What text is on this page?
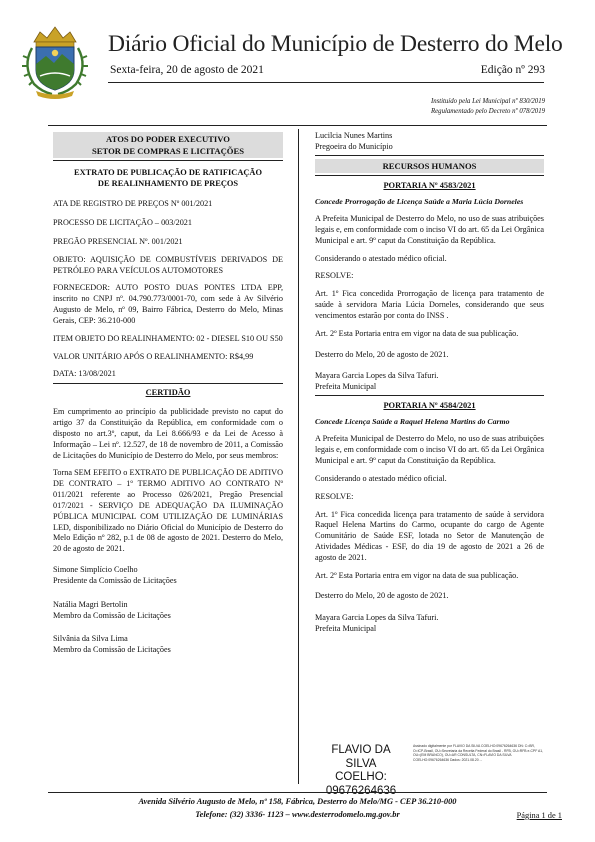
Diário Oficial do Município de Desterro do Melo
Sexta-feira, 20 de agosto de 2021	Edição nº 293
Instituído pela Lei Municipal nº 830/2019
Regulamentado pelo Decreto nº 078/2019
ATOS DO PODER EXECUTIVO
SETOR DE COMPRAS E LICITAÇÕES
EXTRATO DE PUBLICAÇÃO DE RATIFICAÇÃO
DE REALINHAMENTO DE PREÇOS

ATA DE REGISTRO DE PREÇOS Nº 001/2021

PROCESSO DE LICITAÇÃO – 003/2021

PREGÃO PRESENCIAL Nº. 001/2021

OBJETO: AQUISIÇÃO DE COMBUSTÍVEIS DERIVADOS DE PETRÓLEO PARA VEÍCULOS AUTOMOTORES

FORNECEDOR: AUTO POSTO DUAS PONTES LTDA EPP, inscrito no CNPJ nº. 04.790.773/0001-70, com sede à Av Silvério Augusto de Melo, nº 09, Bairro Fábrica, Desterro do Melo, Minas Gerais, CEP: 36.210-000

ITEM OBJETO DO REALINHAMENTO: 02 - DIESEL S10 OU S50

VALOR UNITÁRIO APÓS O REALINHAMENTO: R$4,99

DATA: 13/08/2021

CERTIDÃO

Em cumprimento ao princípio da publicidade previsto no caput do artigo 37 da Constituição da República, em conformidade com o disposto no art.3º, caput, da Lei 8.666/93 e da Lei de Acesso à Informação – Lei nº. 12.527, de 18 de novembro de 2011, a Comissão de Licitações do Município de Desterro do Melo, por seus membros:

Torna SEM EFEITO o EXTRATO DE PUBLICAÇÃO DE ADITIVO DE CONTRATO – 1º TERMO ADITIVO AO CONTRATO Nº 011/2021 referente ao Processo 026/2021, Pregão Presencial 017/2021 - SERVIÇO DE ADEQUAÇÃO DA ILUMINAÇÃO PÚBLICA MUNICIPAL COM UTILIZAÇÃO DE LUMINÁRIAS LED, disponibilizado no Diário Oficial do Município de Desterro do Melo Edição nº 282, p.1 de 08 de agosto de 2021. Desterro do Melo, 20 de agosto de 2021.

Simone Simplício Coelho

Presidente da Comissão de Licitações

Natália Magri Bertolin

Membro da Comissão de Licitações

Silvânia da Silva Lima

Membro da Comissão de Licitações

Lucilcia Nunes Martins

Pregoeira do Município

RECURSOS HUMANOS
PORTARIA Nº 4583/2021

Concede Prorrogação de Licença Saúde a Maria Lúcia Dorneles

A Prefeita Municipal de Desterro do Melo, no uso de suas atribuições legais e, em conformidade com o inciso VI do art. 65 da Lei Orgânica Municipal e art. 9º caput da Constituição da República.

Considerando o atestado médico oficial.

RESOLVE:

Art. 1º Fica concedida Prorrogação de licença para tratamento de saúde à servidora Maria Lúcia Dorneles, considerando que seus vencimentos estarão por conta do INSS .

Art. 2º Esta Portaria entra em vigor na data de sua publicação.

Desterro do Melo, 20 de agosto de 2021.

Mayara Garcia Lopes da Silva Tafuri.

Prefeita Municipal

PORTARIA Nº 4584/2021

Concede Licença Saúde a Raquel Helena Martins do Carmo

A Prefeita Municipal de Desterro do Melo, no uso de suas atribuições legais e, em conformidade com o inciso VI do art. 65 da Lei Orgânica Municipal e art. 9º caput da Constituição da República.

Considerando o atestado médico oficial.

RESOLVE:

Art. 1º Fica concedida licença para tratamento de saúde à servidora Raquel Helena Martins do Carmo, ocupante do cargo de Agente Comunitário de Saúde ESF, lotada no Setor de Manutenção de Atividades Médicas - ESF, do dia 19 de agosto de 2021 a 26 de agosto de 2021.

Art. 2º Esta Portaria entra em vigor na data de sua publicação.

Desterro do Melo, 20 de agosto de 2021.

Mayara Garcia Lopes da Silva Tafuri.

Prefeita Municipal

FLAVIO DA SILVA
COELHO:
09676264636
Assinado digitalmente por FLAVIO DA SILVA COELHO:09676264636 DN: C=BR, O=ICP-Brasil, OU=Secretaria da Receita Federal do Brasil - RFB, OU=RFB e-CPF A1, OU=(EM BRANCO), OU=AR CONSULTA, CN=FLAVIO DA SILVA COELHO:09676264636 Dados: 2021.08.20 ...
Avenida Silvério Augusto de Melo, nº 158, Fábrica, Desterro do Melo/MG - CEP 36.210-000
Telefone: (32) 3336- 1123 – www.desterrodomelo.mg.gov.br	Página 1 de 1
